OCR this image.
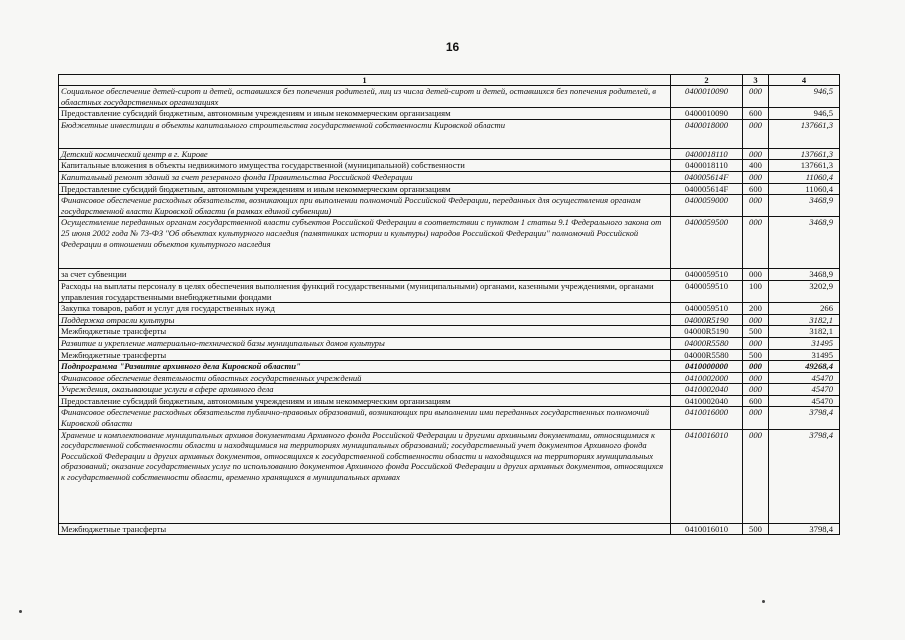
16
1	2	3	4
Социальное обеспечение детей-сирот и детей, оставшихся без попечения родителей, лиц из числа детей-сирот и детей, оставшихся без попечения родителей, в областных государственных организациях	0400010090	000	946,5
Предоставление субсидий бюджетным, автономным учреждениям и иным некоммерческим организациям	0400010090	600	946,5
Бюджетные инвестиции в объекты капитального строительства государственной собственности Кировской области	0400018000	000	137661,3
Детский космический центр в г. Кирове	0400018110	000	137661,3
Капитальные вложения в объекты недвижимого имущества государственной (муниципальной) собственности	0400018110	400	137661,3
Капитальный ремонт зданий за счет резервного фонда Правительства Российской Федерации	040005614F	000	11060,4
Предоставление субсидий бюджетным, автономным учреждениям и иным некоммерческим организациям	040005614F	600	11060,4
Финансовое обеспечение расходных обязательств, возникающих при выполнении полномочий Российской Федерации, переданных для осуществления органам государственной власти Кировской области (в рамках единой субвенции)	0400059000	000	3468,9
Осуществление переданных органам государственной власти субъектов Российской Федерации в соответствии с пунктом 1 статьи 9.1 Федерального закона от 25 июня 2002 года № 73-ФЗ "Об объектах культурного наследия (памятниках истории и культуры) народов Российской Федерации" полномочий Российской Федерации в отношении объектов культурного наследия	0400059500	000	3468,9
за счет субвенции	0400059510	000	3468,9
Расходы на выплаты персоналу в целях обеспечения выполнения функций государственными (муниципальными) органами, казенными учреждениями, органами управления государственными внебюджетными фондами	0400059510	100	3202,9
Закупка товаров, работ и услуг для государственных нужд	0400059510	200	266
Поддержка отрасли культуры	04000R5190	000	3182,1
Межбюджетные трансферты	04000R5190	500	3182,1
Развитие и укрепление материально-технической базы муниципальных домов культуры	04000R5580	000	31495
Межбюджетные трансферты	04000R5580	500	31495
Подпрограмма "Развитие архивного дела Кировской области"	0410000000	000	49268,4
Финансовое обеспечение деятельности областных государственных учреждений	0410002000	000	45470
Учреждения, оказывающие услуги в сфере архивного дела	0410002040	000	45470
Предоставление субсидий бюджетным, автономным учреждениям и иным некоммерческим организациям	0410002040	600	45470
Финансовое обеспечение расходных обязательств публично-правовых образований, возникающих при выполнении ими переданных государственных полномочий Кировской области	0410016000	000	3798,4
Хранение и комплектование муниципальных архивов документами Архивного фонда Российской Федерации и другими архивными документами, относящимися к государственной собственности области и находящимися на территориях муниципальных образований; государственный учет документов Архивного фонда Российской Федерации и других архивных документов, относящихся к государственной собственности области и находящихся на территориях муниципальных образований; оказание государственных услуг по использованию документов Архивного фонда Российской Федерации и других архивных документов, относящихся к государственной собственности области, временно хранящихся в муниципальных архивах	0410016010	000	3798,4
Межбюджетные трансферты	0410016010	500	3798,4
